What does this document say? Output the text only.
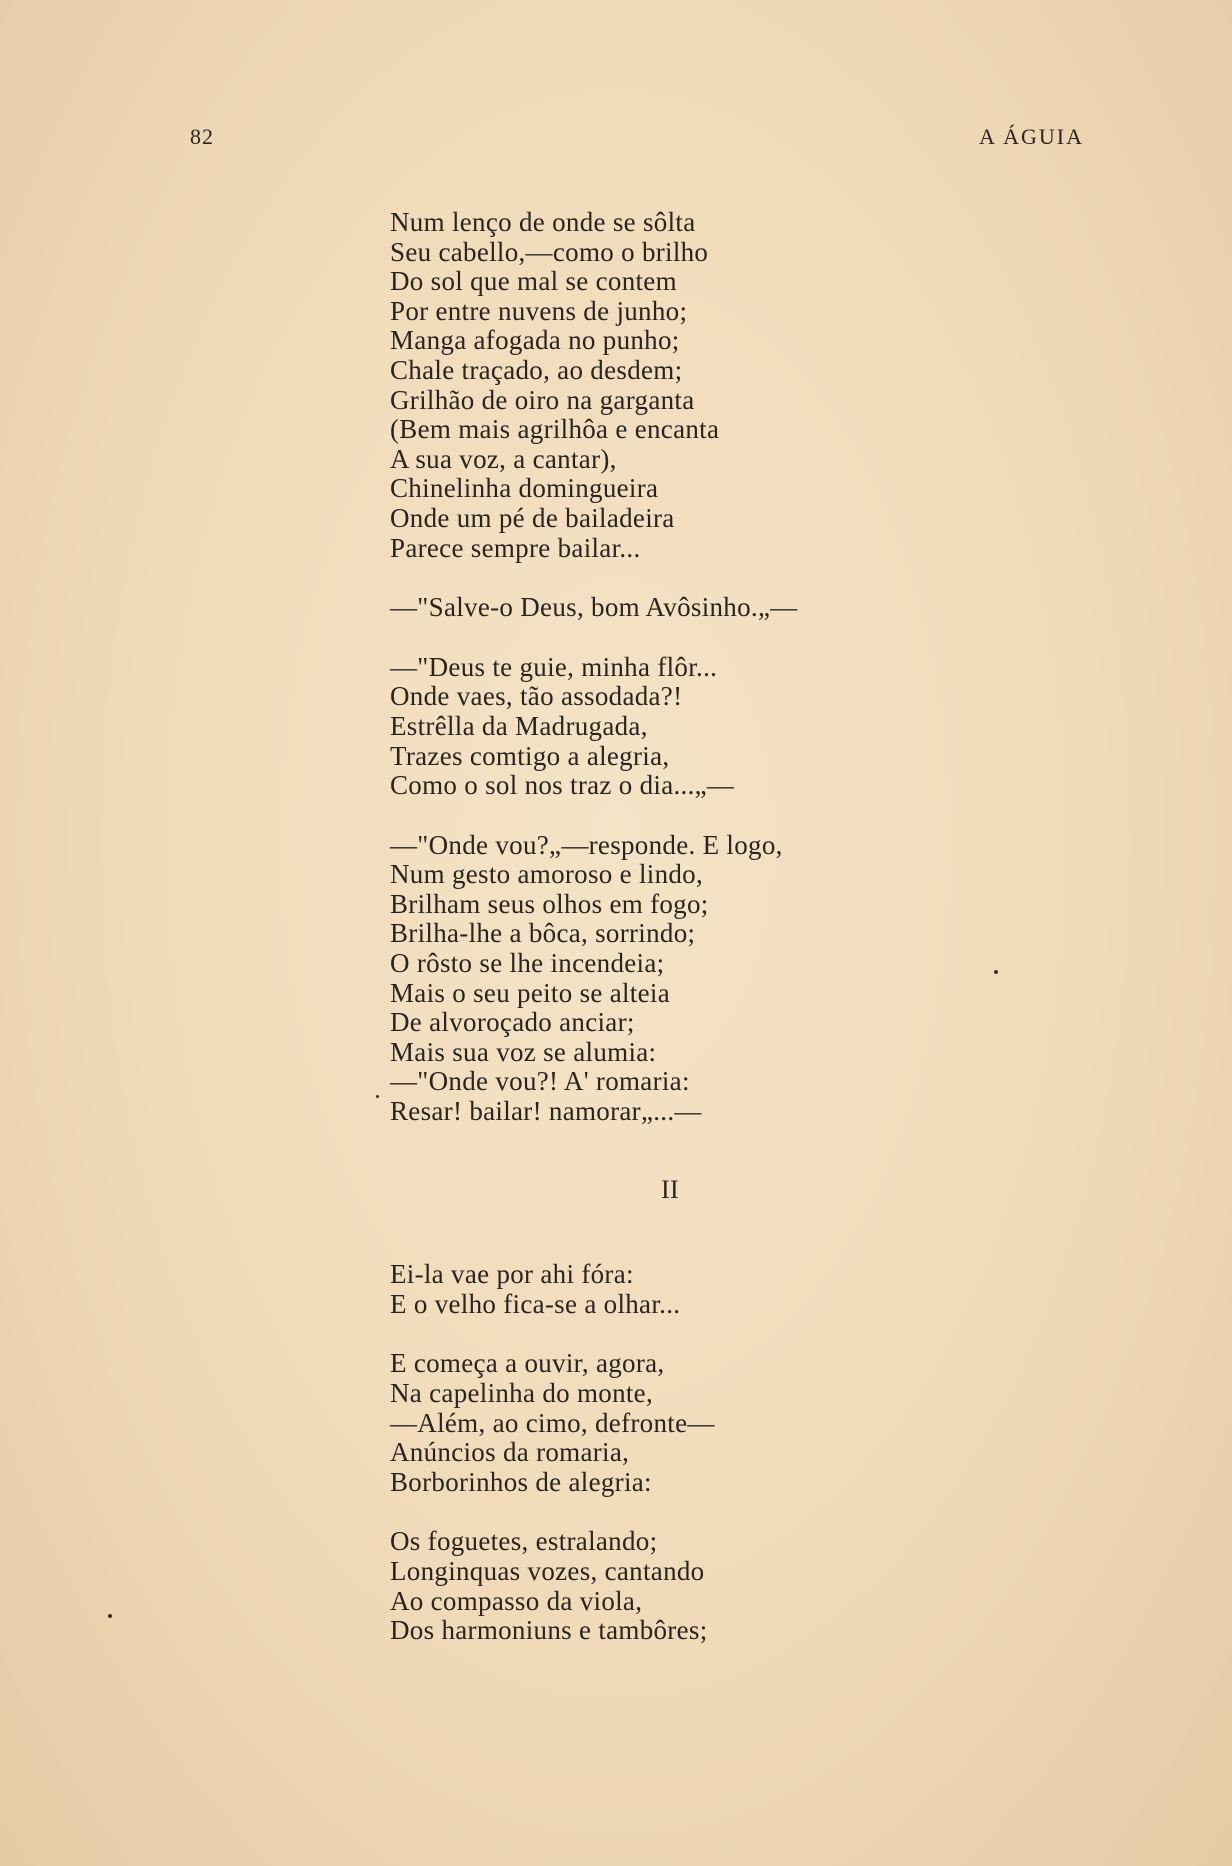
82	A ÁGUIA
Num lenço de onde se sôlta
Seu cabello,—como o brilho
Do sol que mal se contem
Por entre nuvens de junho;
Manga afogada no punho;
Chale traçado, ao desdem;
Grilhão de oiro na garganta
(Bem mais agrilhôa e encanta
A sua voz, a cantar),
Chinelinha domingueira
Onde um pé de bailadeira
Parece sempre bailar...
—"Salve-o Deus, bom Avôsinho.„—
—"Deus te guie, minha flôr...
Onde vaes, tão assodada?!
Estrêlla da Madrugada,
Trazes comtigo a alegria,
Como o sol nos traz o dia...„—
—"Onde vou?„—responde. E logo,
Num gesto amoroso e lindo,
Brilham seus olhos em fogo;
Brilha-lhe a bôca, sorrindo;
O rôsto se lhe incendeia;
Mais o seu peito se alteia
De alvoroçado anciar;
Mais sua voz se alumia:
—"Onde vou?! A' romaria:
Resar! bailar! namorar„...—
II
Ei-la vae por ahi fóra:
E o velho fica-se a olhar...
E começa a ouvir, agora,
Na capelinha do monte,
—Além, ao cimo, defronte—
Anúncios da romaria,
Borborinhos de alegria:
Os foguetes, estralando;
Longinquas vozes, cantando
Ao compasso da viola,
Dos harmoniuns e tambôres;
